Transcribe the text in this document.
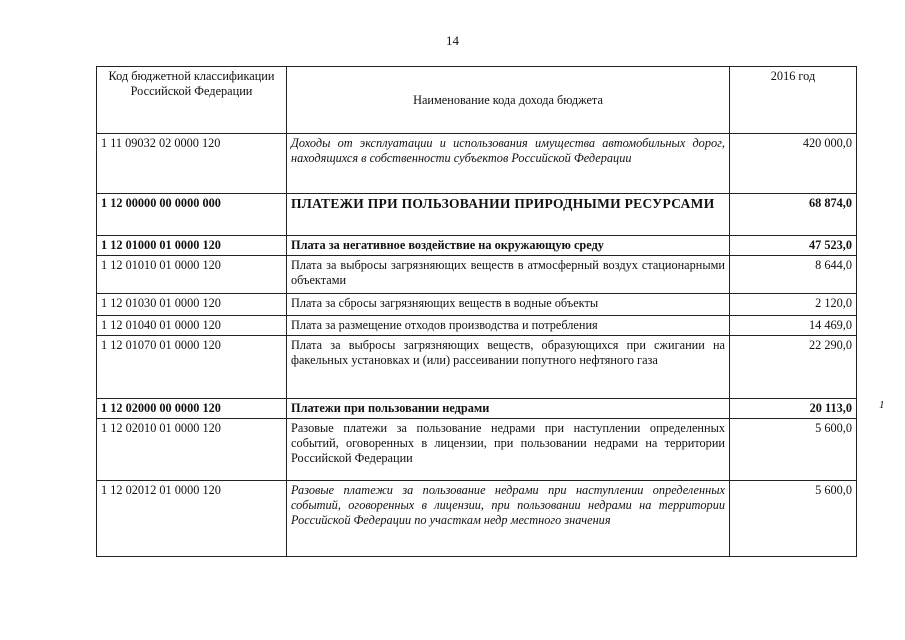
14
Код бюджетной классификации Российской Федерации	Наименование кода дохода бюджета	2016 год
1 11 09032 02 0000 120	Доходы от эксплуатации и использования имущества автомобильных дорог, находящихся в собственности субъектов Российской Федерации	420 000,0
1 12 00000 00 0000 000	ПЛАТЕЖИ ПРИ ПОЛЬЗОВАНИИ ПРИРОДНЫМИ РЕСУРСАМИ	68 874,0
1 12 01000 01 0000 120	Плата за негативное воздействие на окружающую среду	47 523,0
1 12 01010 01 0000 120	Плата за выбросы загрязняющих веществ в атмосферный воздух стационарными объектами	8 644,0
1 12 01030 01 0000 120	Плата за сбросы загрязняющих веществ в водные объекты	2 120,0
1 12 01040 01 0000 120	Плата за размещение отходов производства и потребления	14 469,0
1 12 01070 01 0000 120	Плата за выбросы загрязняющих веществ, образующихся при сжигании на факельных установках и (или) рассеивании попутного нефтяного газа	22 290,0
1 12 02000 00 0000 120	Платежи при пользовании недрами	20 113,0
1 12 02010 01 0000 120	Разовые платежи за пользование недрами при наступлении определенных событий, оговоренных в лицензии, при пользовании недрами на территории Российской Федерации	5 600,0
1 12 02012 01 0000 120	Разовые платежи за пользование недрами при наступлении определенных событий, оговоренных в лицензии, при пользовании недрами на территории Российской Федерации по участкам недр местного значения	5 600,0
1
